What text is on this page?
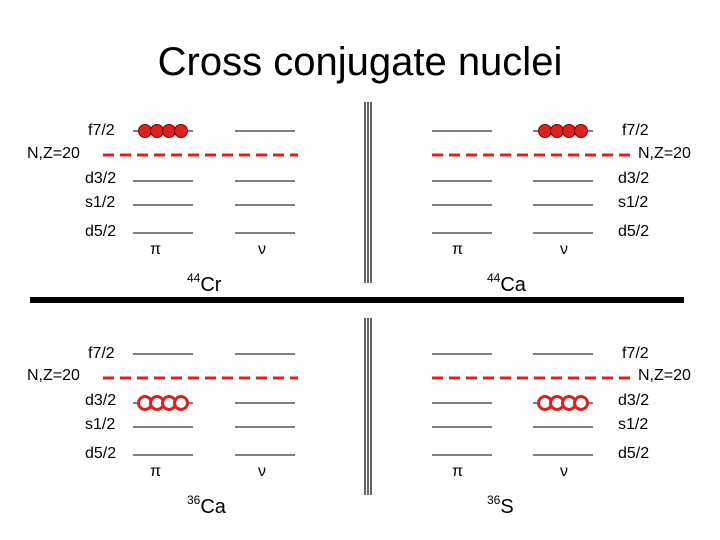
Cross conjugate nuclei
f7/2
N,Z=20
d3/2
s1/2
d5/2
π	ν
$^{44}$Cr
f7/2
N,Z=20
d3/2
s1/2
d5/2
π	ν
$^{44}$Ca
f7/2
N,Z=20
d3/2
s1/2
d5/2
π	ν
$^{36}$Ca
f7/2
N,Z=20
d3/2
s1/2
d5/2
π	ν
$^{36}$S
